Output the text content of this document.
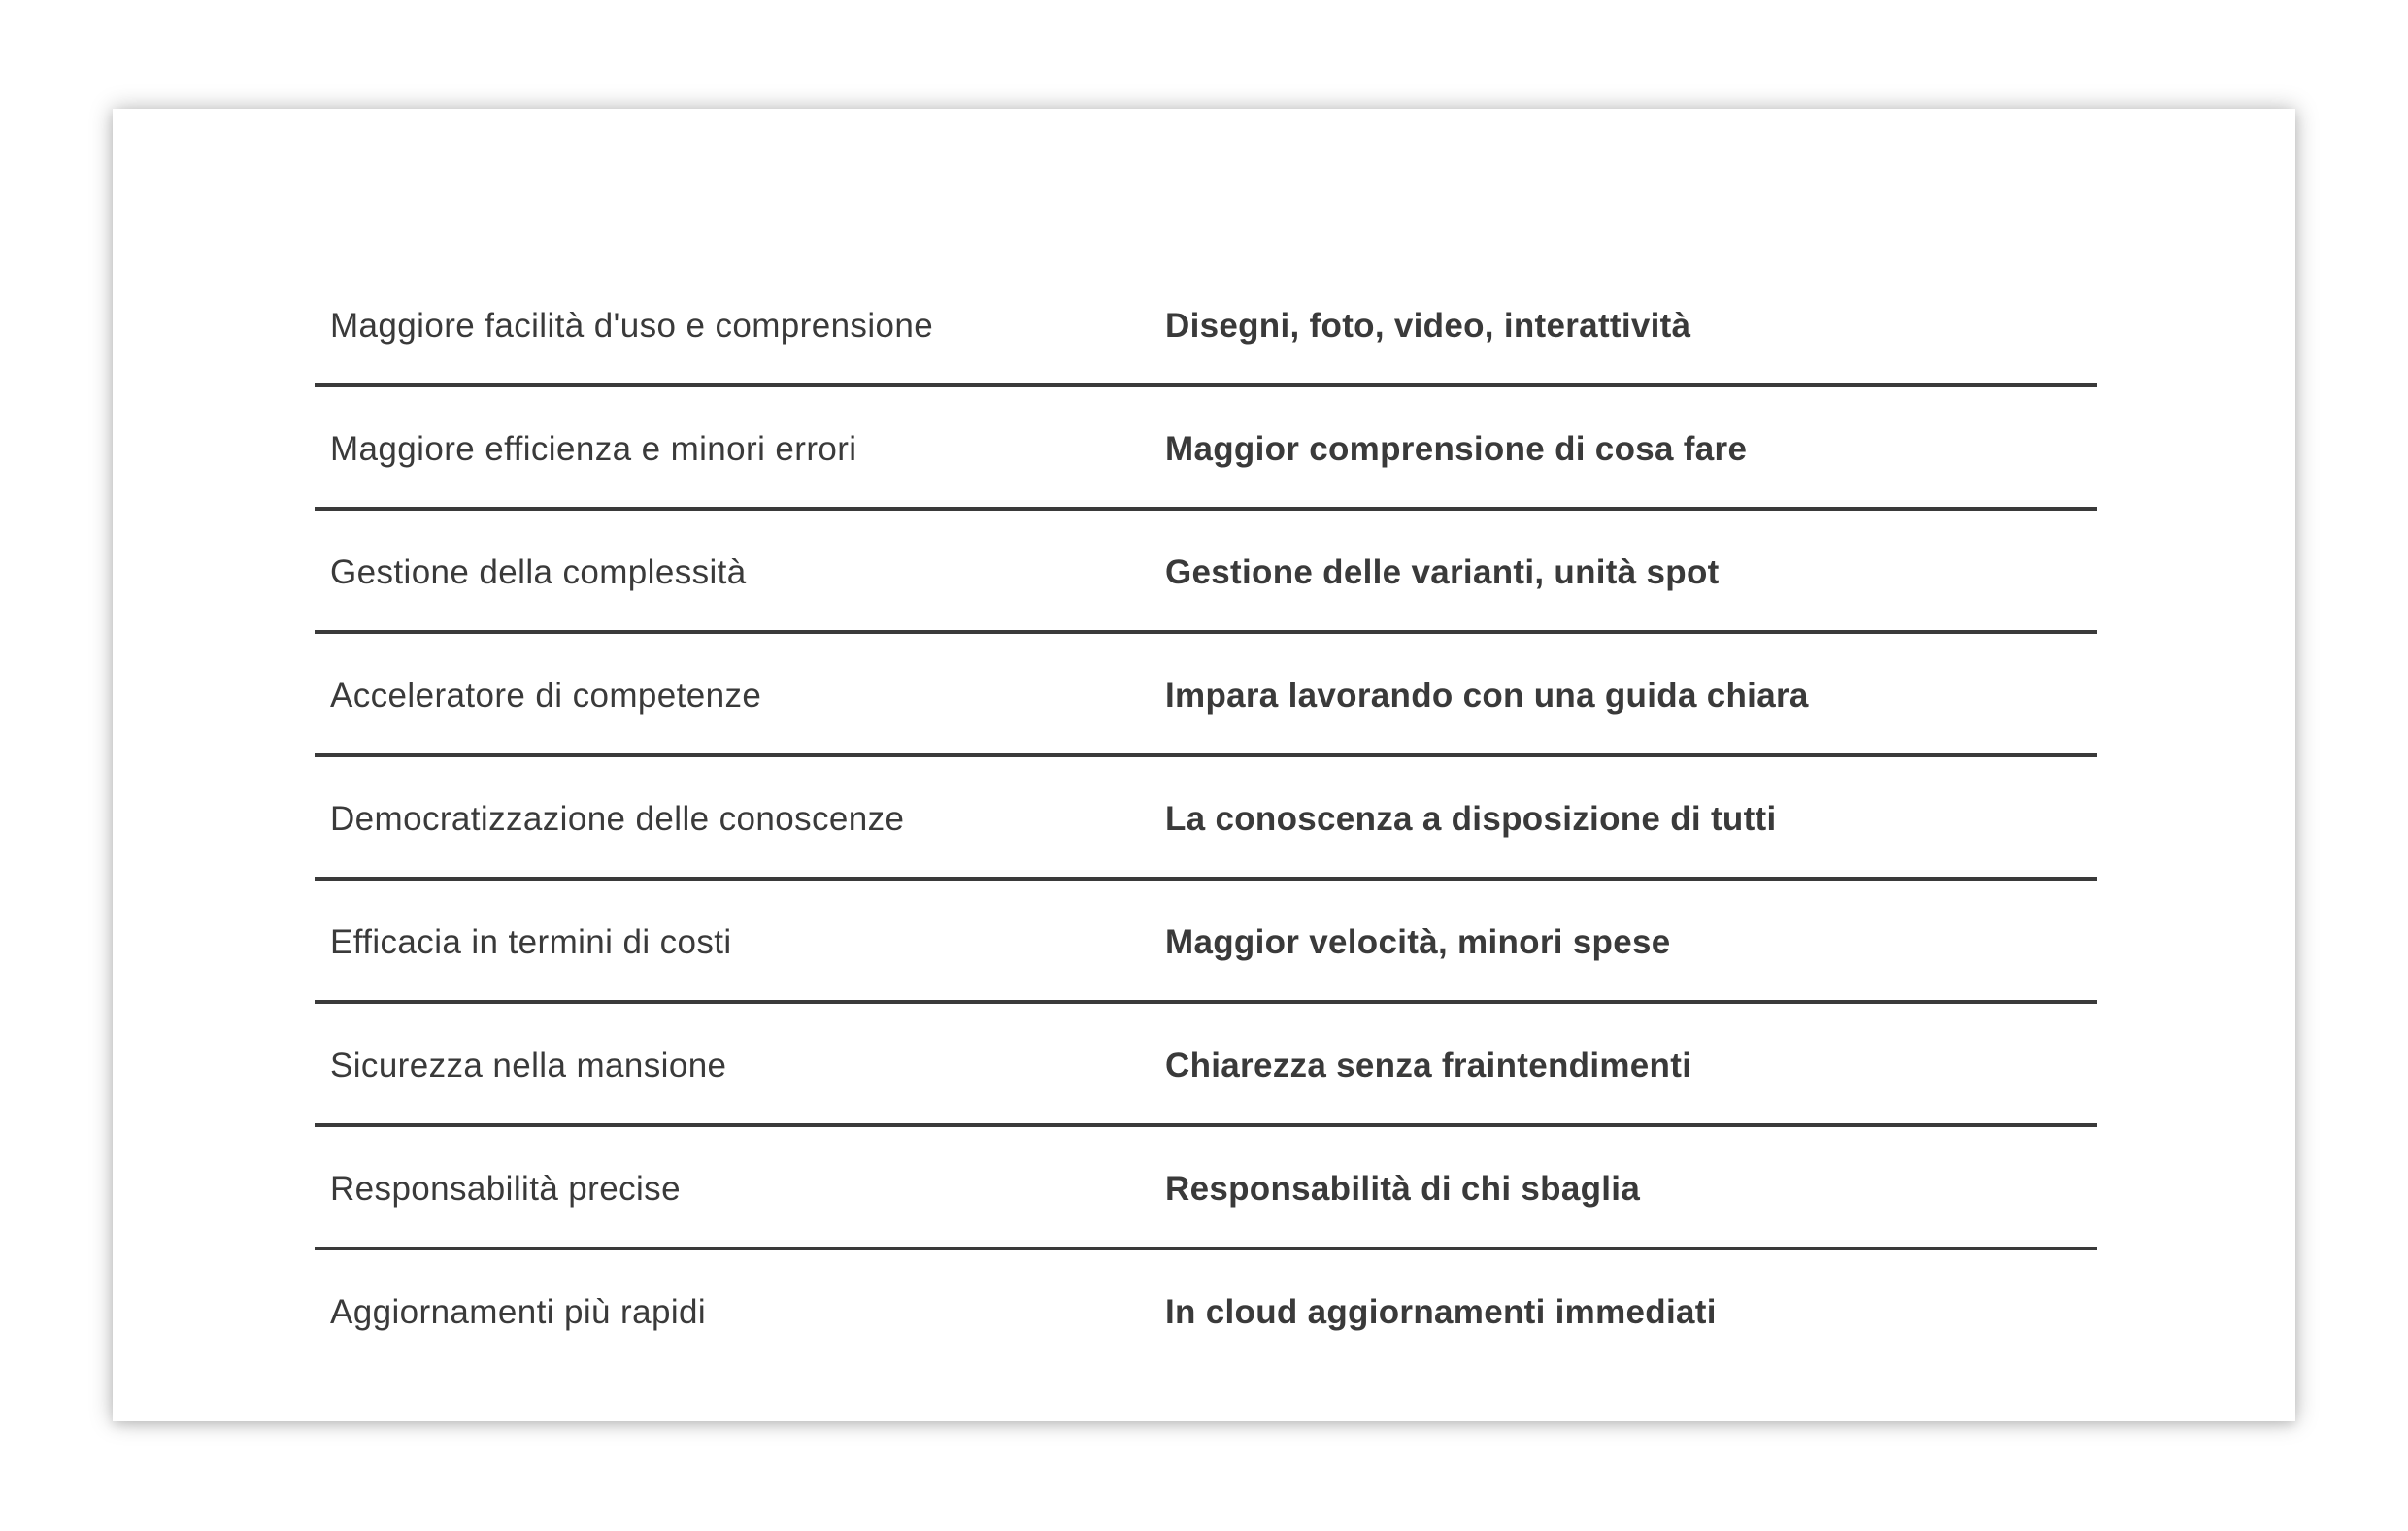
Maggiore facilità d'uso e comprensione	Disegni, foto, video, interattività
Maggiore efficienza e minori errori	Maggior comprensione di cosa fare
Gestione della complessità	Gestione delle varianti, unità spot
Acceleratore di competenze	Impara lavorando con una guida chiara
Democratizzazione delle conoscenze	La conoscenza a disposizione di tutti
Efficacia in termini di costi	Maggior velocità, minori spese
Sicurezza nella mansione	Chiarezza senza fraintendimenti
Responsabilità precise	Responsabilità di chi sbaglia
Aggiornamenti più rapidi	In cloud aggiornamenti immediati
